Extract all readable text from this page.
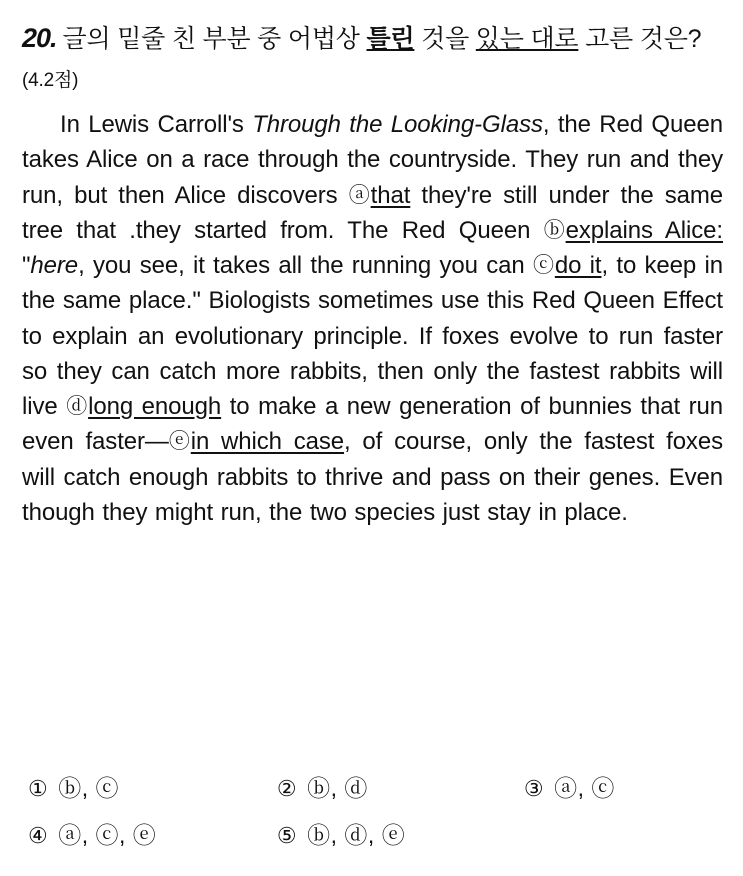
20. 글의 밑줄 친 부분 중 어법상 틀린 것을 있는 대로 고른 것은? (4.2점)

In Lewis Carroll's Through the Looking-Glass, the Red Queen takes Alice on a race through the countryside. They run and they run, but then Alice discovers ⓐthat they're still under the same tree that .they started from. The Red Queen ⓑexplains Alice: "here, you see, it takes all the running you can ⓒdo it, to keep in the same place." Biologists sometimes use this Red Queen Effect to explain an evolutionary principle. If foxes evolve to run faster so they can catch more rabbits, then only the fastest rabbits will live ⓓlong enough to make a new generation of bunnies that run even faster—ⓔin which case, of course, only the fastest foxes will catch enough rabbits to thrive and pass on their genes. Even though they might run, the two species just stay in place.

① ⓑ, ⓒ	② ⓑ, ⓓ	③ ⓐ, ⓒ
④ ⓐ, ⓒ, ⓔ	⑤ ⓑ, ⓓ, ⓔ
